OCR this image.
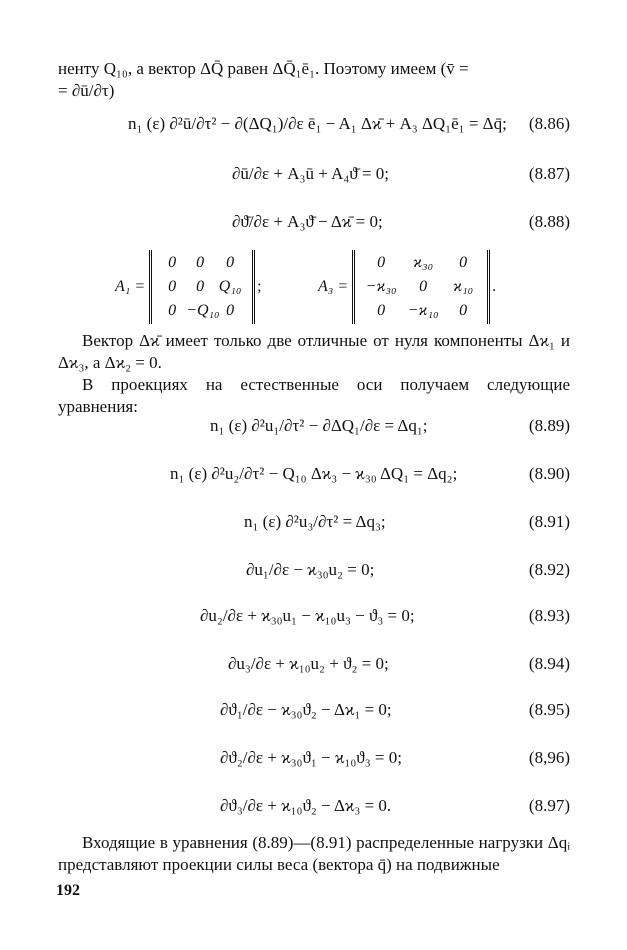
ненту Q₁₀, а вектор ΔQ̄ равен ΔQ̄₁ē₁. Поэтому имеем (v̄ =
= ∂ū/∂τ)
n₁ (ε) ∂²ū/∂τ² − ∂(ΔQ₁)/∂ε ē₁ − A₁ Δϰ̄ + A₃ ΔQ₁ē₁ = Δq̄;	(8.86)
∂ū/∂ε + A₃ū + A₄ϑ̄ = 0;	(8.87)
∂ϑ̄/∂ε + A₃ϑ̄ − Δϰ̄ = 0;	(8.88)
A₁ =
0	0	0
0	0 Q₁₀
0 −Q₁₀ 0
;	A₃ =
0	ϰ₃₀	0
−ϰ₃₀	0	ϰ₁₀
0	−ϰ₁₀	0
.
Вектор Δϰ̄ имеет только две отличные от нуля компоненты Δϰ₁ и Δϰ₃, а Δϰ₂ = 0.
В проекциях на естественные оси получаем следующие уравнения:
n₁ (ε) ∂²u₁/∂τ² − ∂ΔQ₁/∂ε = Δq₁;	(8.89)
n₁ (ε) ∂²u₂/∂τ² − Q₁₀ Δϰ₃ − ϰ₃₀ ΔQ₁ = Δq₂;	(8.90)
n₁ (ε) ∂²u₃/∂τ² = Δq₃;	(8.91)
∂u₁/∂ε − ϰ₃₀u₂ = 0;	(8.92)
∂u₂/∂ε + ϰ₃₀u₁ − ϰ₁₀u₃ − ϑ₃ = 0;	(8.93)
∂u₃/∂ε + ϰ₁₀u₂ + ϑ₂ = 0;	(8.94)
∂ϑ₁/∂ε − ϰ₃₀ϑ₂ − Δϰ₁ = 0;	(8.95)
∂ϑ₂/∂ε + ϰ₃₀ϑ₁ − ϰ₁₀ϑ₃ = 0;	(8,96)
∂ϑ₃/∂ε + ϰ₁₀ϑ₂ − Δϰ₃ = 0.	(8.97)
Входящие в уравнения (8.89)—(8.91) распределенные нагрузки Δqᵢ представляют проекции силы веса (вектора q̄) на подвижные
192
